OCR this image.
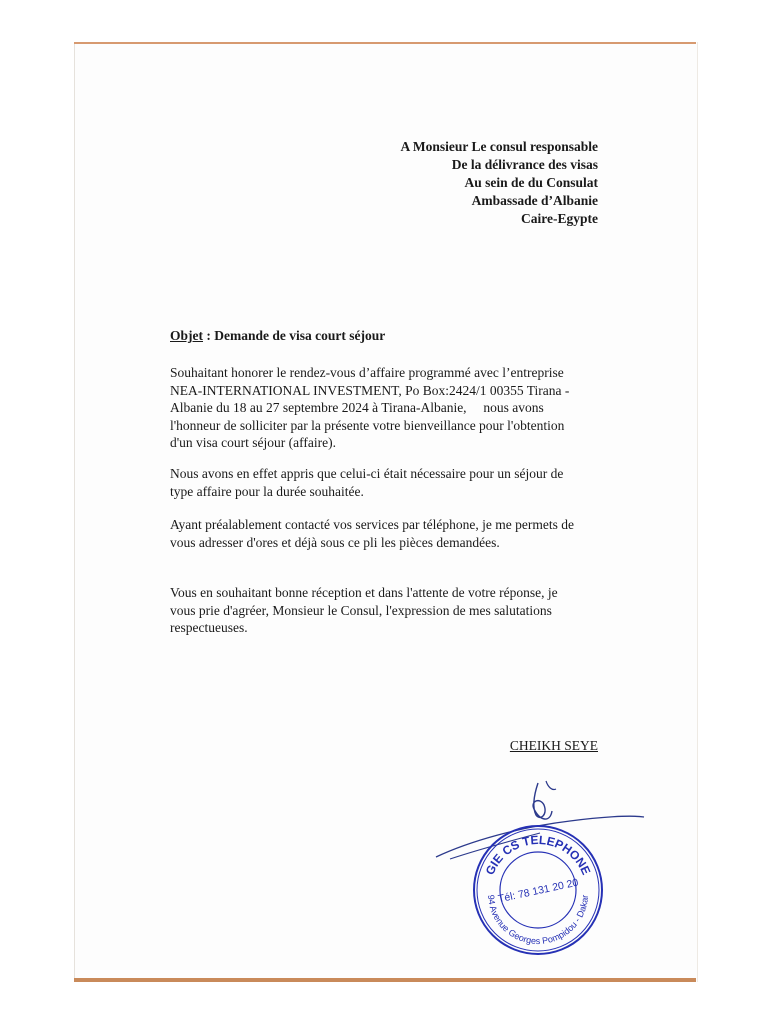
A Monsieur Le consul responsable
De la délivrance des visas
Au sein de du Consulat
Ambassade d’Albanie
Caire-Egypte
Objet : Demande de visa court séjour
Souhaitant honorer le rendez-vous d’affaire programmé avec l’entreprise
NEA-INTERNATIONAL INVESTMENT, Po Box:2424/1 00355 Tirana -
Albanie du 18 au 27 septembre 2024 à Tirana-Albanie,     nous avons
l'honneur de solliciter par la présente votre bienveillance pour l'obtention
d'un visa court séjour (affaire).
Nous avons en effet appris que celui-ci était nécessaire pour un séjour de
type affaire pour la durée souhaitée.
Ayant préalablement contacté vos services par téléphone, je me permets de
vous adresser d'ores et déjà sous ce pli les pièces demandées.
Vous en souhaitant bonne réception et dans l'attente de votre réponse, je
vous prie d'agréer, Monsieur le Consul, l'expression de mes salutations
respectueuses.
CHEIKH SEYE
GIE CS TELEPHONE
Tél: 78 131 20 20
94 Avenue Georges Pompidou - Dakar
